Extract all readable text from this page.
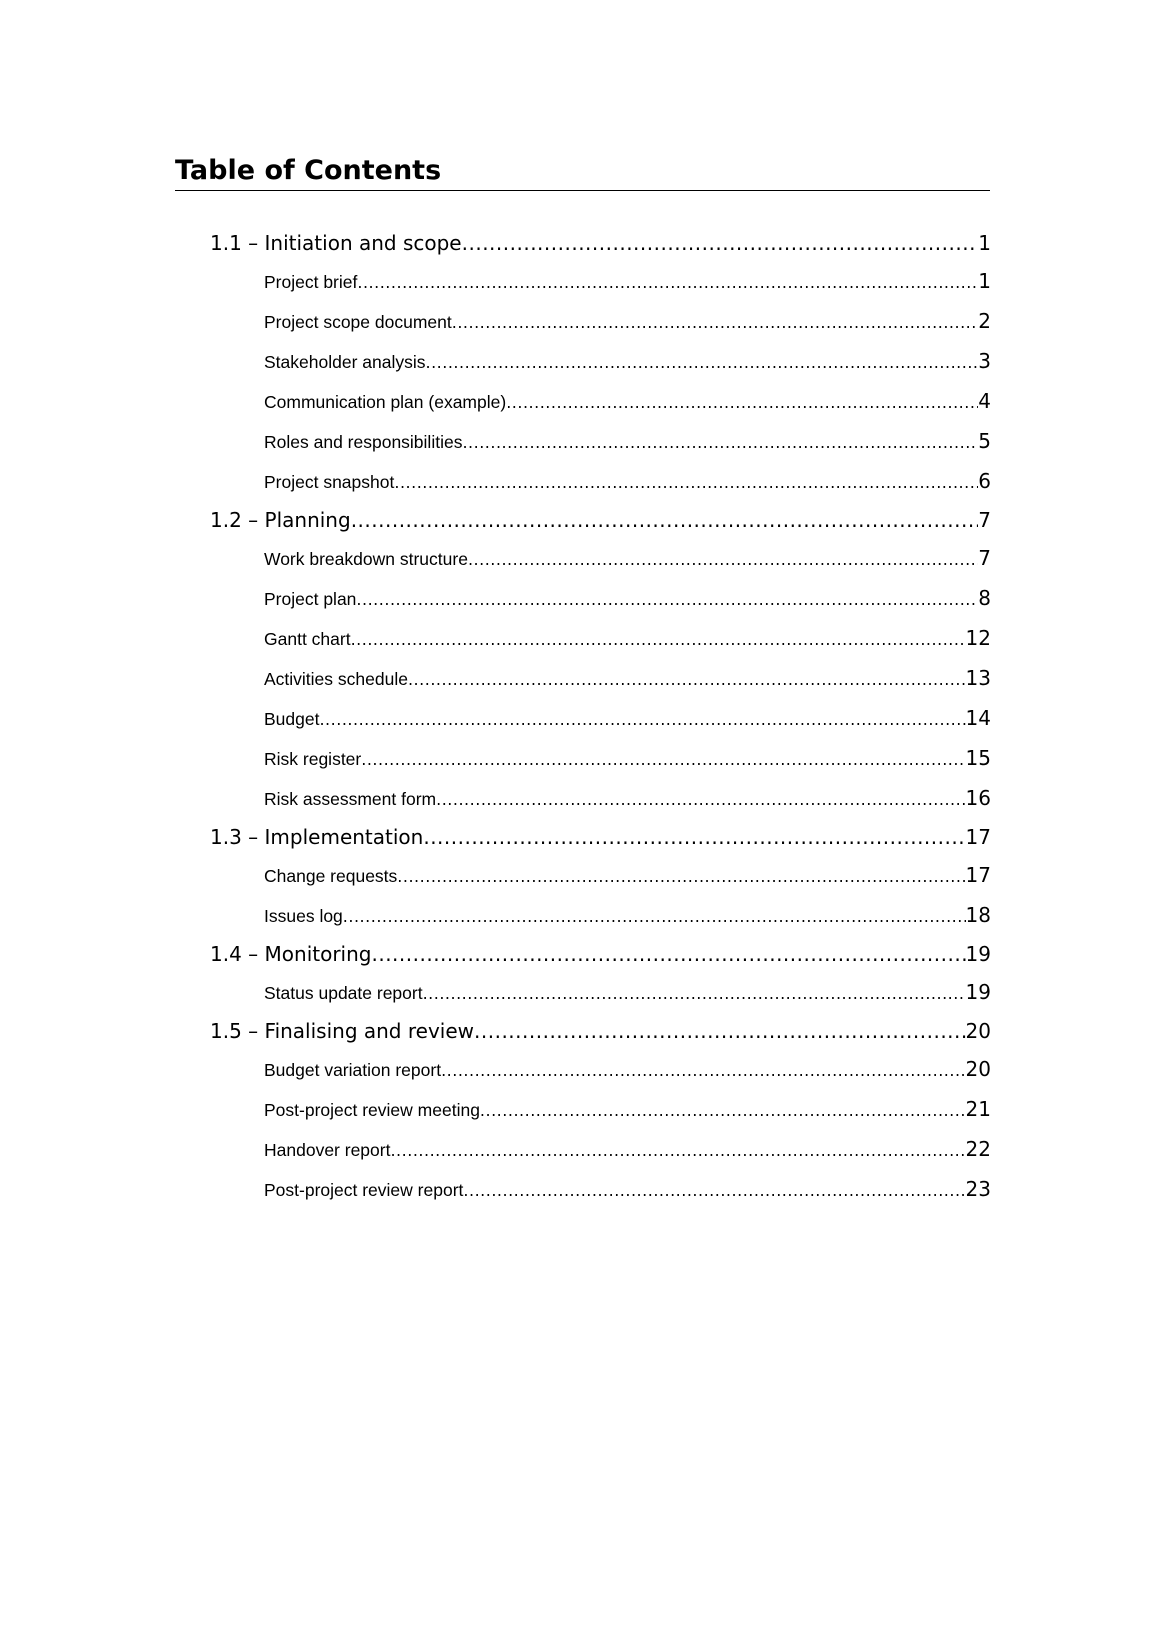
Table of Contents
1.1 – Initiation and scope .....	1
Project brief .....	1
Project scope document .....	2
Stakeholder analysis .....	3
Communication plan (example) .....	4
Roles and responsibilities .....	5
Project snapshot .....	6
1.2 – Planning .....	7
Work breakdown structure .....	7
Project plan .....	8
Gantt chart .....	12
Activities schedule .....	13
Budget .....	14
Risk register .....	15
Risk assessment form .....	16
1.3 – Implementation .....	17
Change requests .....	17
Issues log .....	18
1.4 – Monitoring .....	19
Status update report .....	19
1.5 – Finalising and review .....	20
Budget variation report .....	20
Post-project review meeting .....	21
Handover report .....	22
Post-project review report .....	23
